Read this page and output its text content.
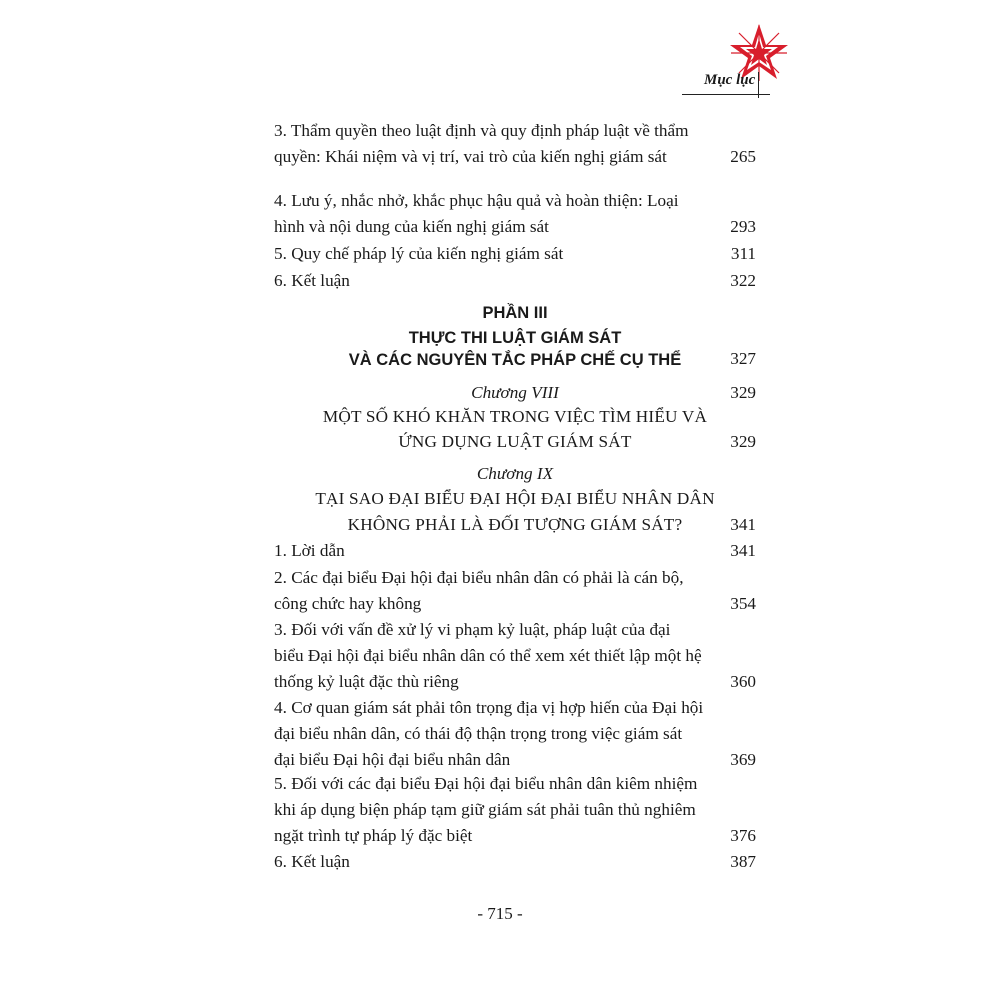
Mục lục
3. Thẩm quyền theo luật định và quy định pháp luật về thẩm quyền: Khái niệm và vị trí, vai trò của kiến nghị giám sát	265
4. Lưu ý, nhắc nhở, khắc phục hậu quả và hoàn thiện: Loại hình và nội dung của kiến nghị giám sát	293
5. Quy chế pháp lý của kiến nghị giám sát	311
6. Kết luận	322
PHẦN III
THỰC THI LUẬT GIÁM SÁT
VÀ CÁC NGUYÊN TẮC PHÁP CHẾ CỤ THỂ	327
Chương VIII	329
MỘT SỐ KHÓ KHĂN TRONG VIỆC TÌM HIỂU VÀ
ỨNG DỤNG LUẬT GIÁM SÁT	329
Chương IX
TẠI SAO ĐẠI BIỂU ĐẠI HỘI ĐẠI BIỂU NHÂN DÂN
KHÔNG PHẢI LÀ ĐỐI TƯỢNG GIÁM SÁT?	341
1. Lời dẫn	341
2. Các đại biểu Đại hội đại biểu nhân dân có phải là cán bộ, công chức hay không	354
3. Đối với vấn đề xử lý vi phạm kỷ luật, pháp luật của đại biểu Đại hội đại biểu nhân dân có thể xem xét thiết lập một hệ thống kỷ luật đặc thù riêng	360
4. Cơ quan giám sát phải tôn trọng địa vị hợp hiến của Đại hội đại biểu nhân dân, có thái độ thận trọng trong việc giám sát đại biểu Đại hội đại biểu nhân dân	369
5. Đối với các đại biểu Đại hội đại biểu nhân dân kiêm nhiệm khi áp dụng biện pháp tạm giữ giám sát phải tuân thủ nghiêm ngặt trình tự pháp lý đặc biệt	376
6. Kết luận	387
- 715 -
